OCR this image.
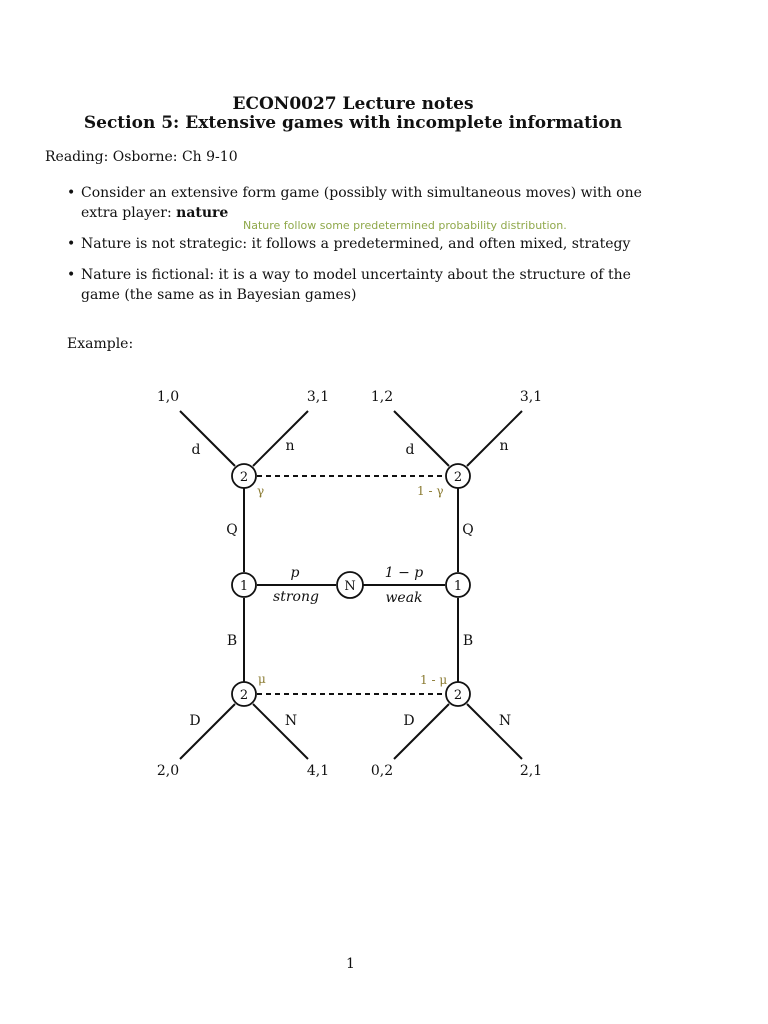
ECON0027 Lecture notes
Section 5: Extensive games with incomplete information
Reading: Osborne: Ch 9-10
• Consider an extensive form game (possibly with simultaneous moves) with one extra player: nature
• Nature is not strategic: it follows a predetermined, and often mixed, strategy
• Nature is fictional: it is a way to model uncertainty about the structure of the game (the same as in Bayesian games)
Nature follow some predetermined probability distribution.
Example:
2	2
1	1
N
2	2
p
strong
1 − p
weak
Q	Q
B	B
d	n	d	n
D	N	D	N
1,0	3,1	1,2	3,1
2,0	4,1	0,2	2,1
γ	1 - γ
μ	1 - μ
1
